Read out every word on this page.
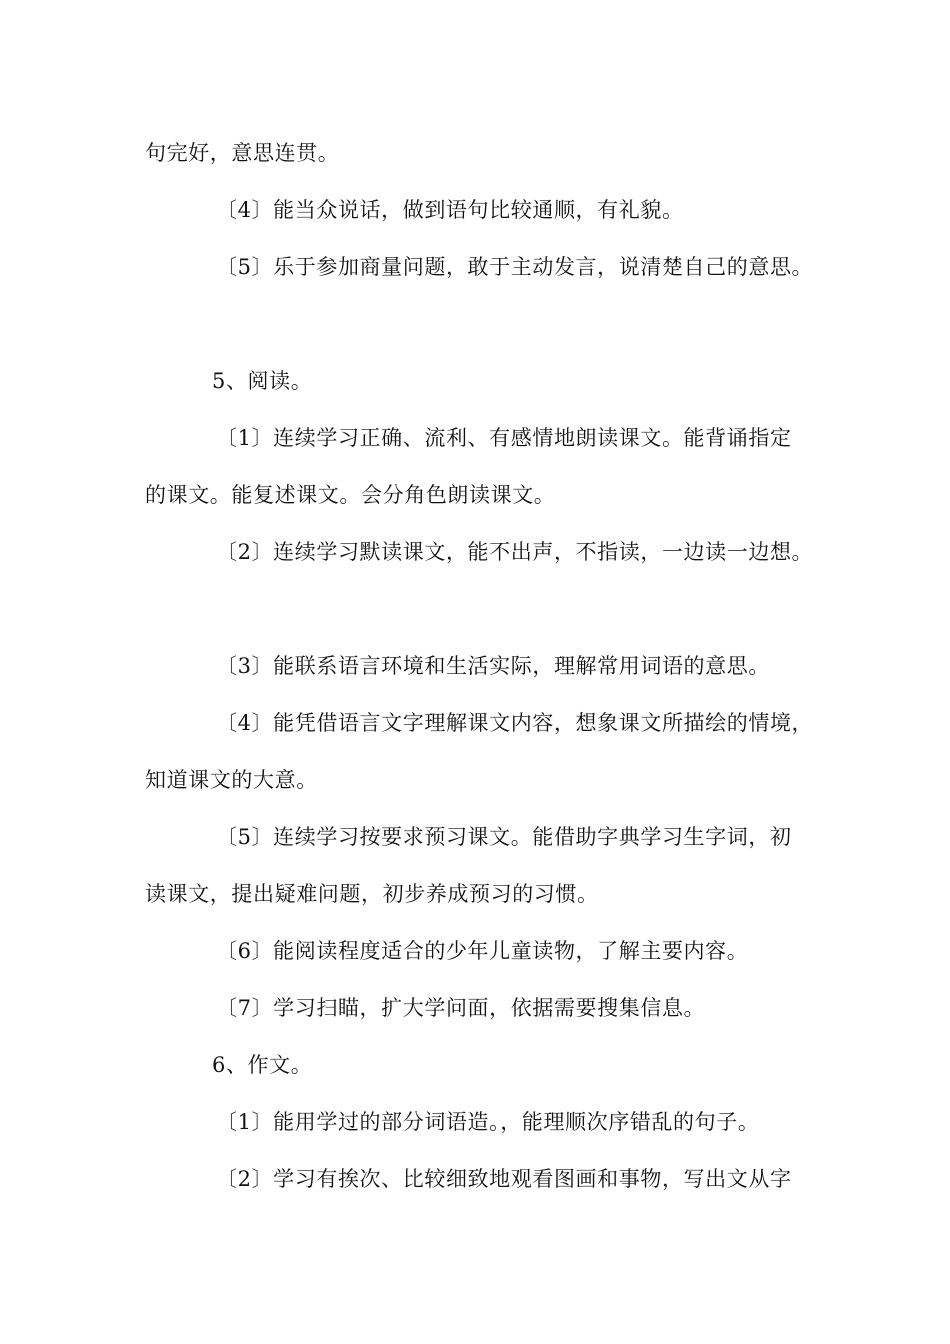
句完好，意思连贯。
〔4〕能当众说话，做到语句比较通顺，有礼貌。
〔5〕乐于参加商量问题，敢于主动发言，说清楚自己的意思。
5、阅读。
〔1〕连续学习正确、流利、有感情地朗读课文。能背诵指定
的课文。能复述课文。会分角色朗读课文。
〔2〕连续学习默读课文，能不出声，不指读，一边读一边想。
〔3〕能联系语言环境和生活实际，理解常用词语的意思。
〔4〕能凭借语言文字理解课文内容，想象课文所描绘的情境，
知道课文的大意。
〔5〕连续学习按要求预习课文。能借助字典学习生字词，初
读课文，提出疑难问题，初步养成预习的习惯。
〔6〕能阅读程度适合的少年儿童读物，了解主要内容。
〔7〕学习扫瞄，扩大学问面，依据需要搜集信息。
6、作文。
〔1〕能用学过的部分词语造。，能理顺次序错乱的句子。
〔2〕学习有挨次、比较细致地观看图画和事物，写出文从字
